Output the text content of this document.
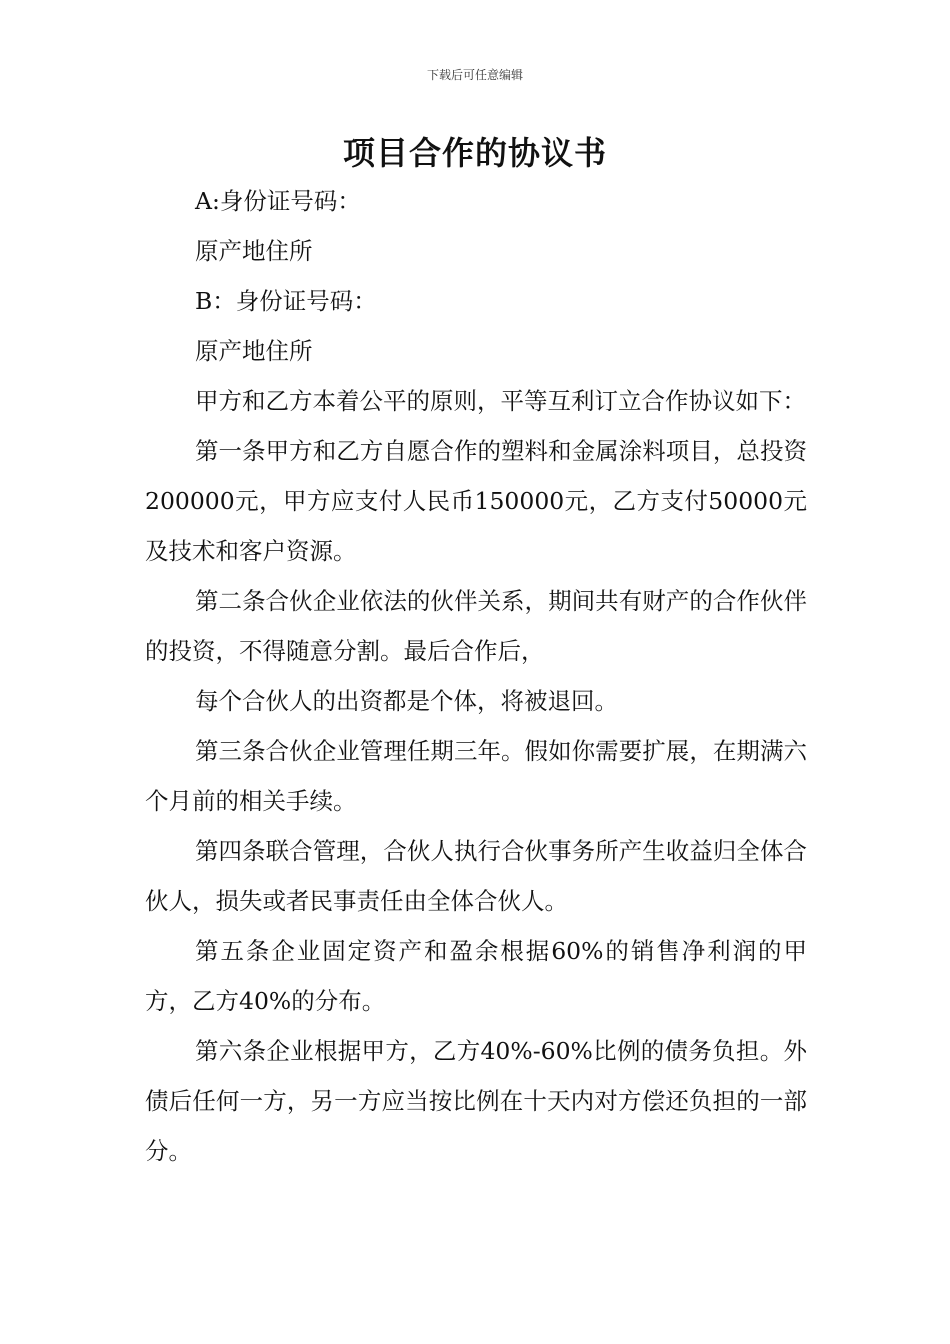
下载后可任意编辑
项目合作的协议书

A:身份证号码：

原产地住所

B：身份证号码：

原产地住所

甲方和乙方本着公平的原则，平等互利订立合作协议如下：

第一条甲方和乙方自愿合作的塑料和金属涂料项目，总投资200000元，甲方应支付人民币150000元，乙方支付50000元及技术和客户资源。

第二条合伙企业依法的伙伴关系，期间共有财产的合作伙伴的投资，不得随意分割。最后合作后，

每个合伙人的出资都是个体，将被退回。

第三条合伙企业管理任期三年。假如你需要扩展，在期满六个月前的相关手续。

第四条联合管理，合伙人执行合伙事务所产生收益归全体合伙人，损失或者民事责任由全体合伙人。

第五条企业固定资产和盈余根据60%的销售净利润的甲方，乙方40%的分布。

第六条企业根据甲方，乙方40%-60%比例的债务负担。外债后任何一方，另一方应当按比例在十天内对方偿还负担的一部分。
